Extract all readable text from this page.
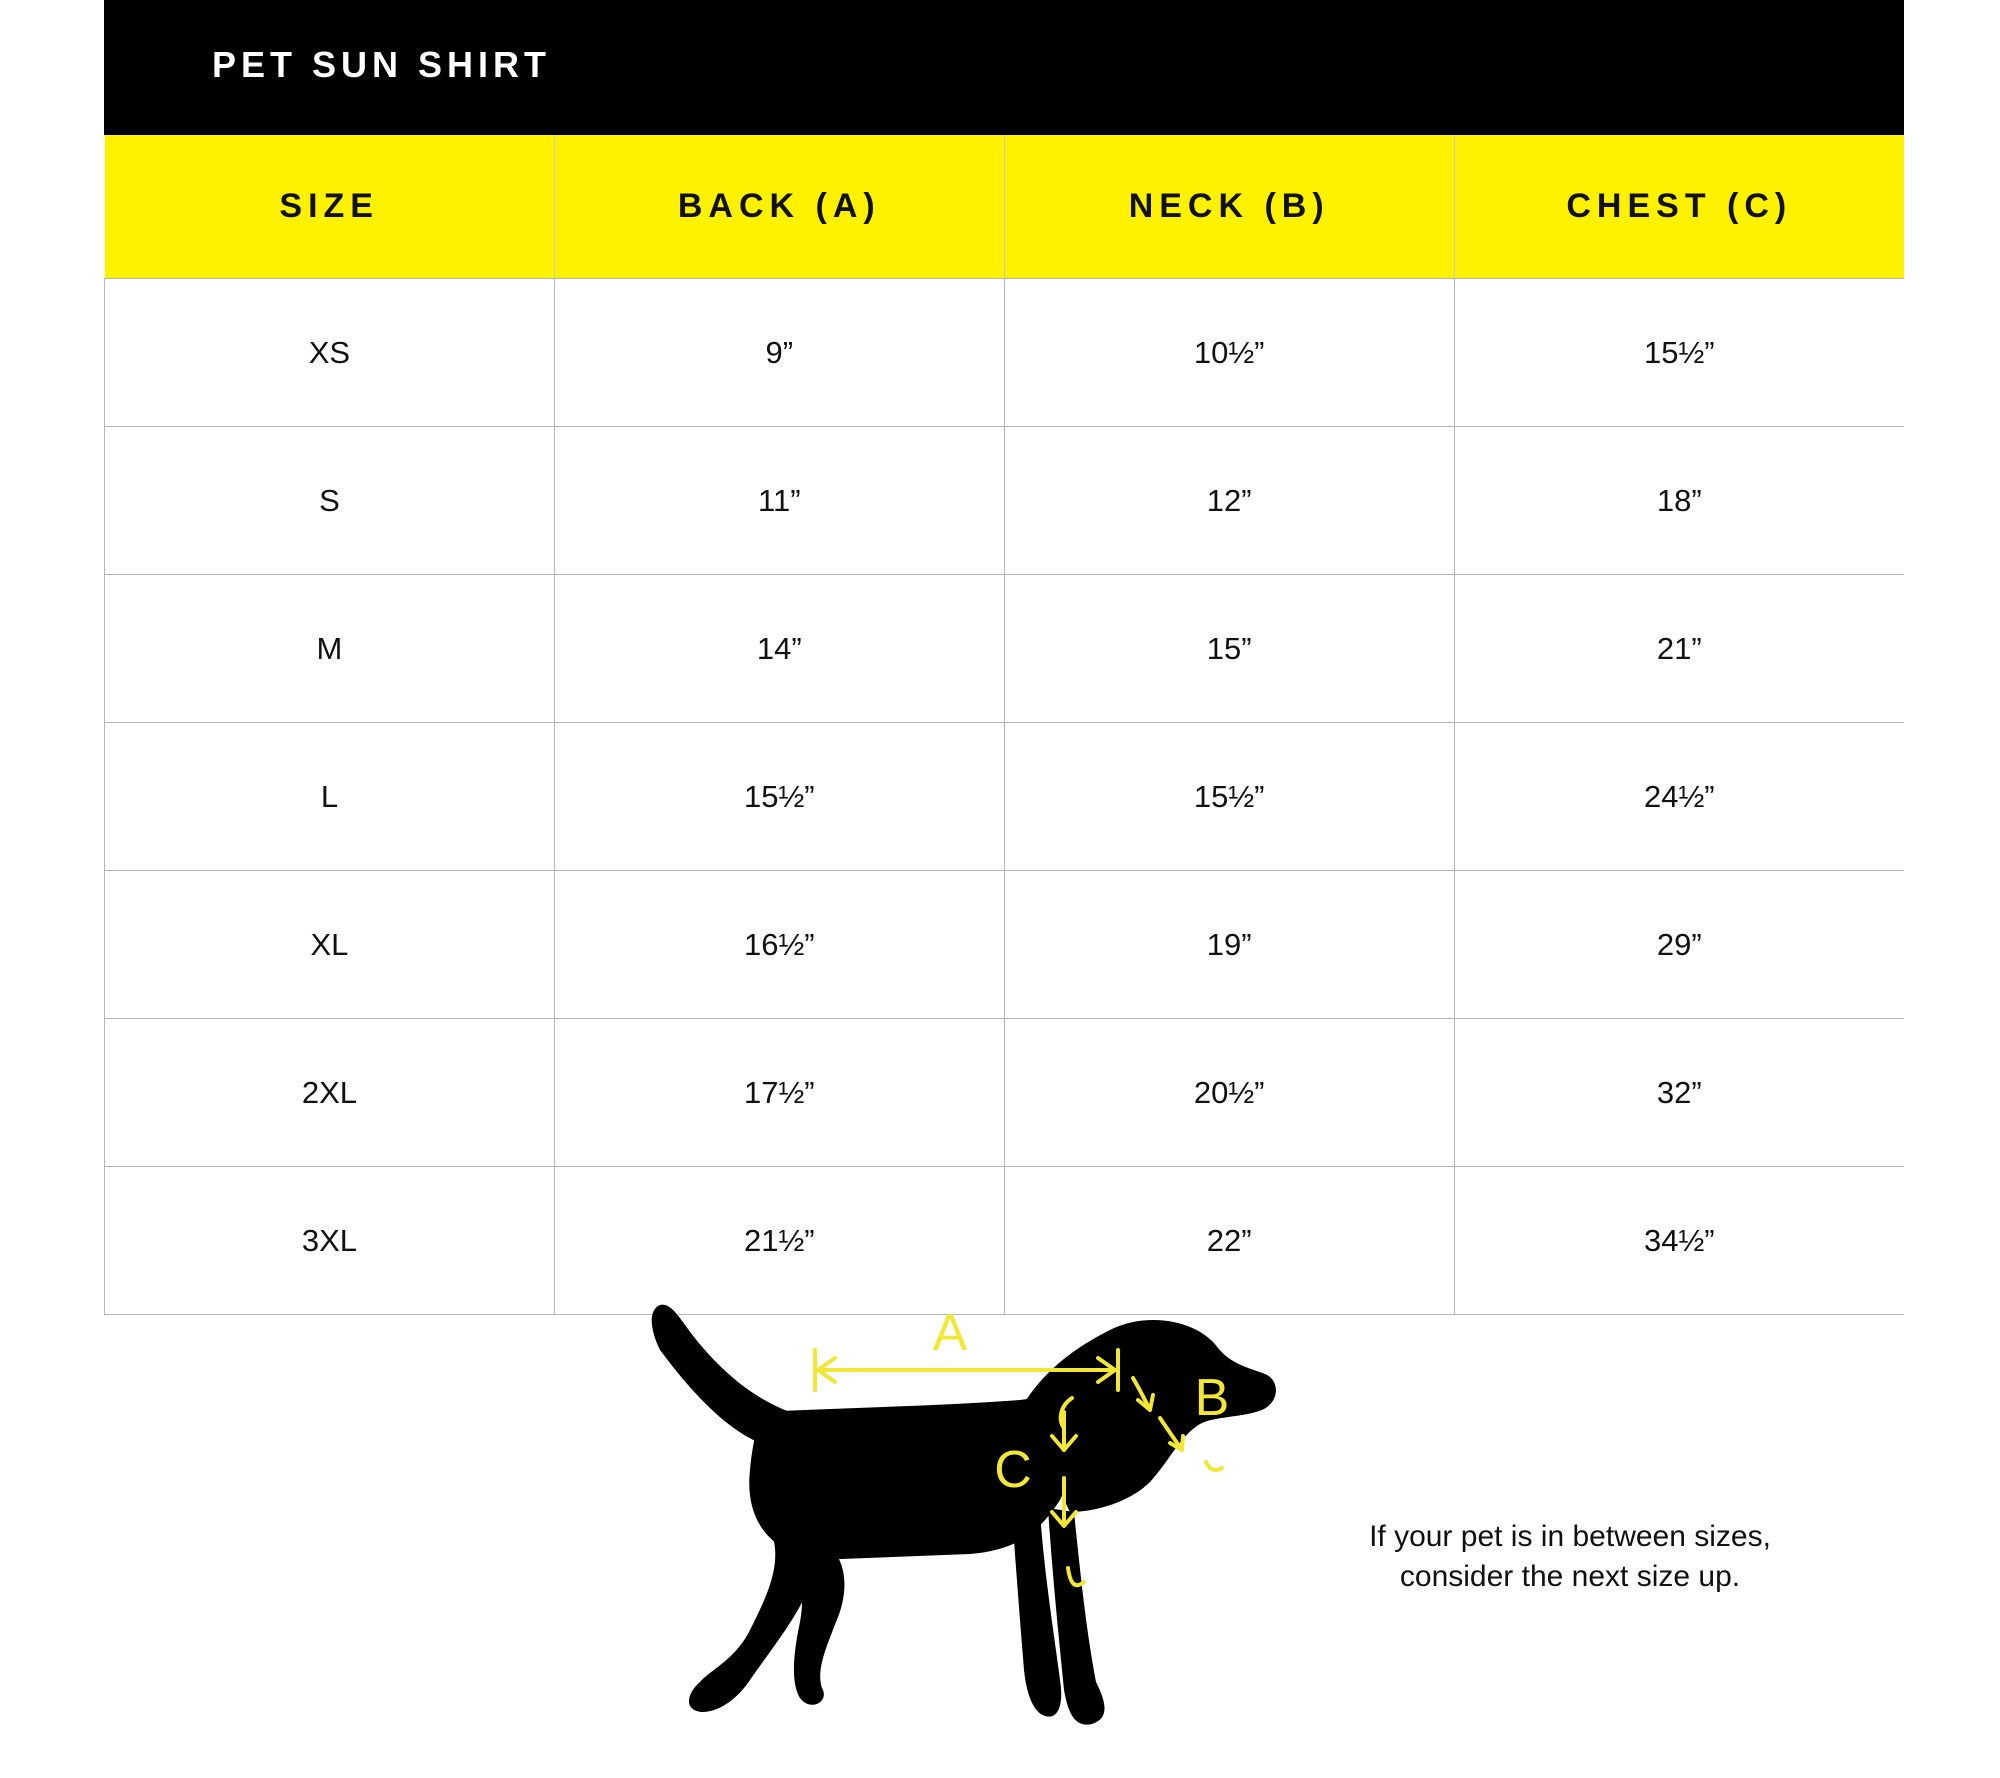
PET SUN SHIRT
SIZE	BACK (A)	NECK (B)	CHEST (C)
XS	9”	10½”	15½”
S	11”	12”	18”
M	14”	15”	21”
L	15½”	15½”	24½”
XL	16½”	19”	29”
2XL	17½”	20½”	32”
3XL	21½”	22”	34½”
A
B
C
If your pet is in between sizes,
consider the next size up.
